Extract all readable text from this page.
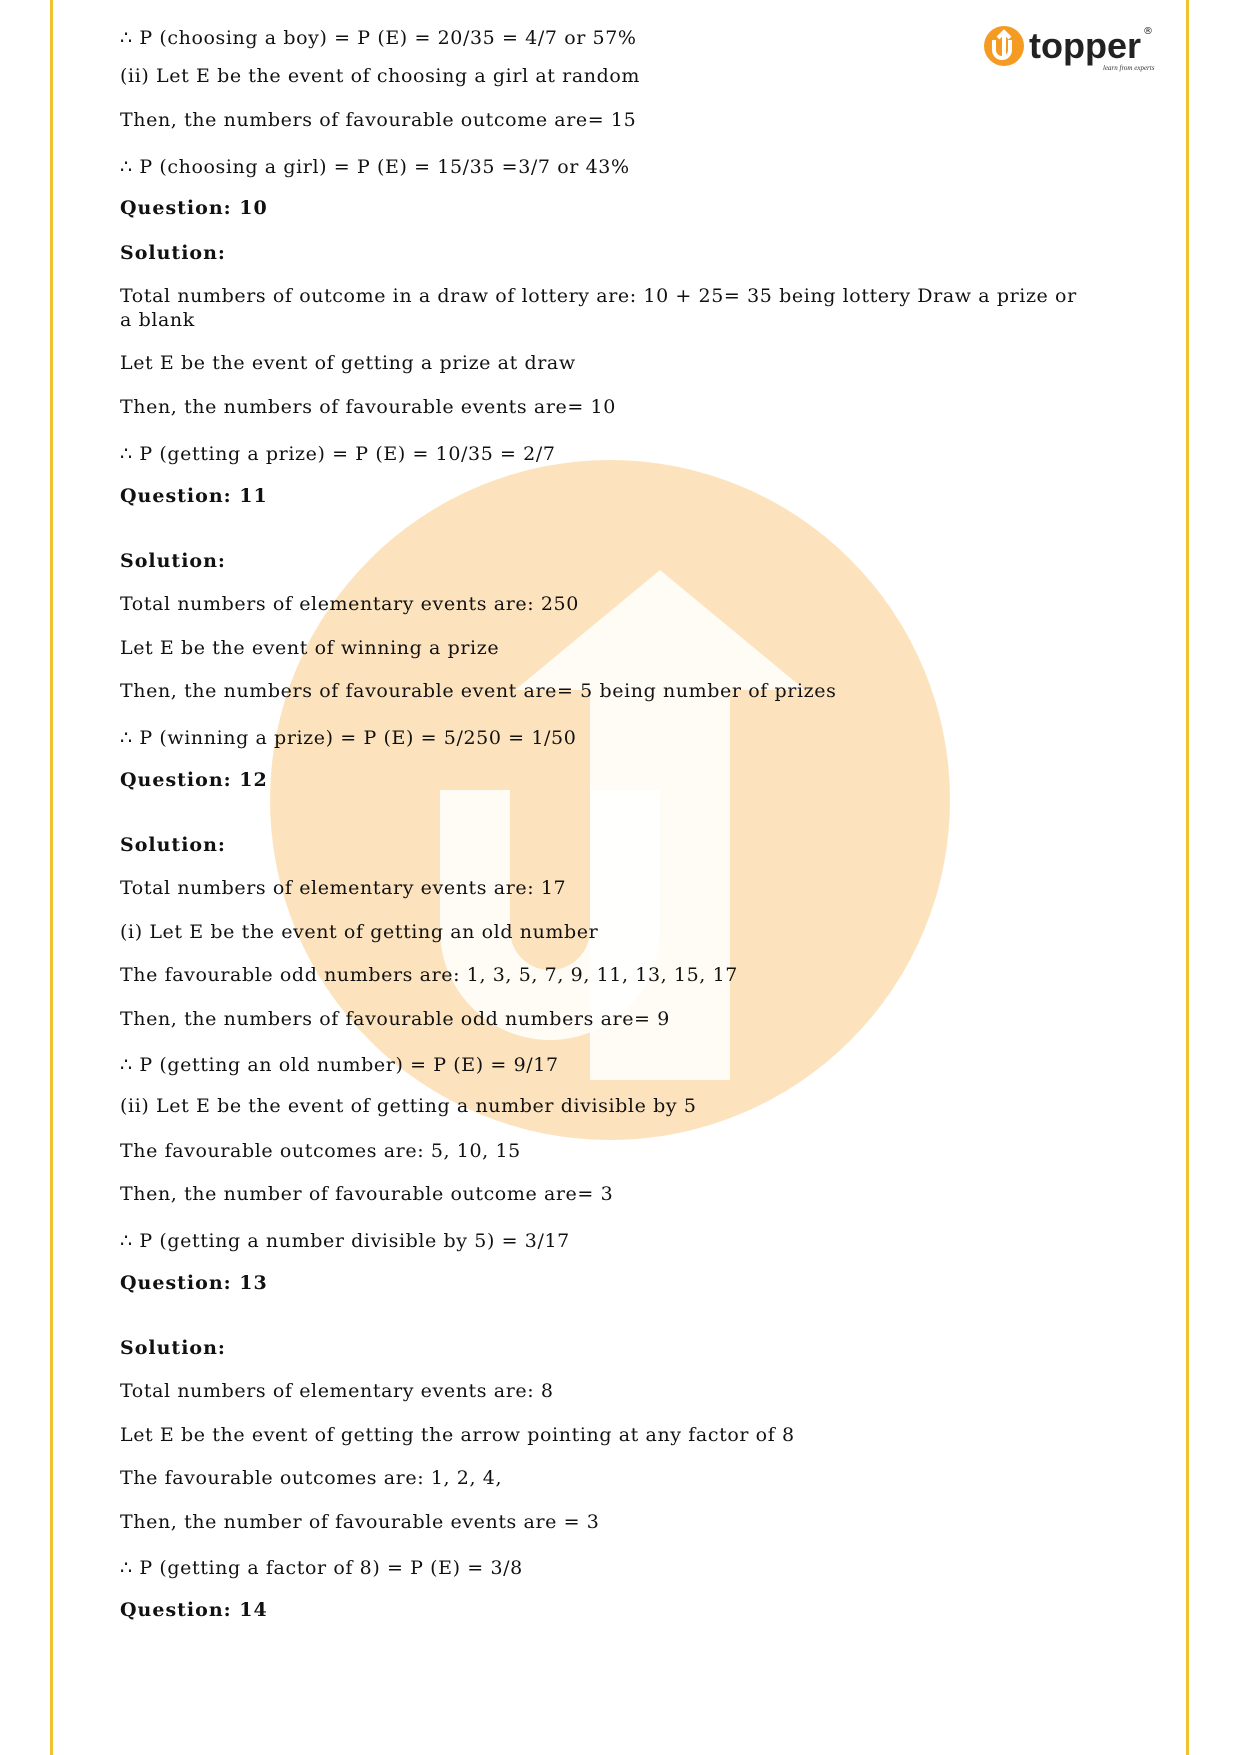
topper
learn from experts
®
∴ P (choosing a boy) = P (E) = 20/35 = 4/7 or 57%
(ii) Let E be the event of choosing a girl at random
Then, the numbers of favourable outcome are= 15
∴ P (choosing a girl) = P (E) = 15/35 =3/7 or 43%
Question: 10
Solution:
Total numbers of outcome in a draw of lottery are: 10 + 25= 35 being lottery Draw a prize or a blank
Let E be the event of getting a prize at draw
Then, the numbers of favourable events are= 10
∴ P (getting a prize) = P (E) = 10/35 = 2/7
Question: 11
Solution:
Total numbers of elementary events are: 250
Let E be the event of winning a prize
Then, the numbers of favourable event are= 5 being number of prizes
∴ P (winning a prize) = P (E) = 5/250 = 1/50
Question: 12
Solution:
Total numbers of elementary events are: 17
(i) Let E be the event of getting an old number
The favourable odd numbers are: 1, 3, 5, 7, 9, 11, 13, 15, 17
Then, the numbers of favourable odd numbers are= 9
∴ P (getting an old number) = P (E) = 9/17
(ii) Let E be the event of getting a number divisible by 5
The favourable outcomes are: 5, 10, 15
Then, the number of favourable outcome are= 3
∴ P (getting a number divisible by 5) = 3/17
Question: 13
Solution:
Total numbers of elementary events are: 8
Let E be the event of getting the arrow pointing at any factor of 8
The favourable outcomes are: 1, 2, 4,
Then, the number of favourable events are = 3
∴ P (getting a factor of 8) = P (E) = 3/8
Question: 14
